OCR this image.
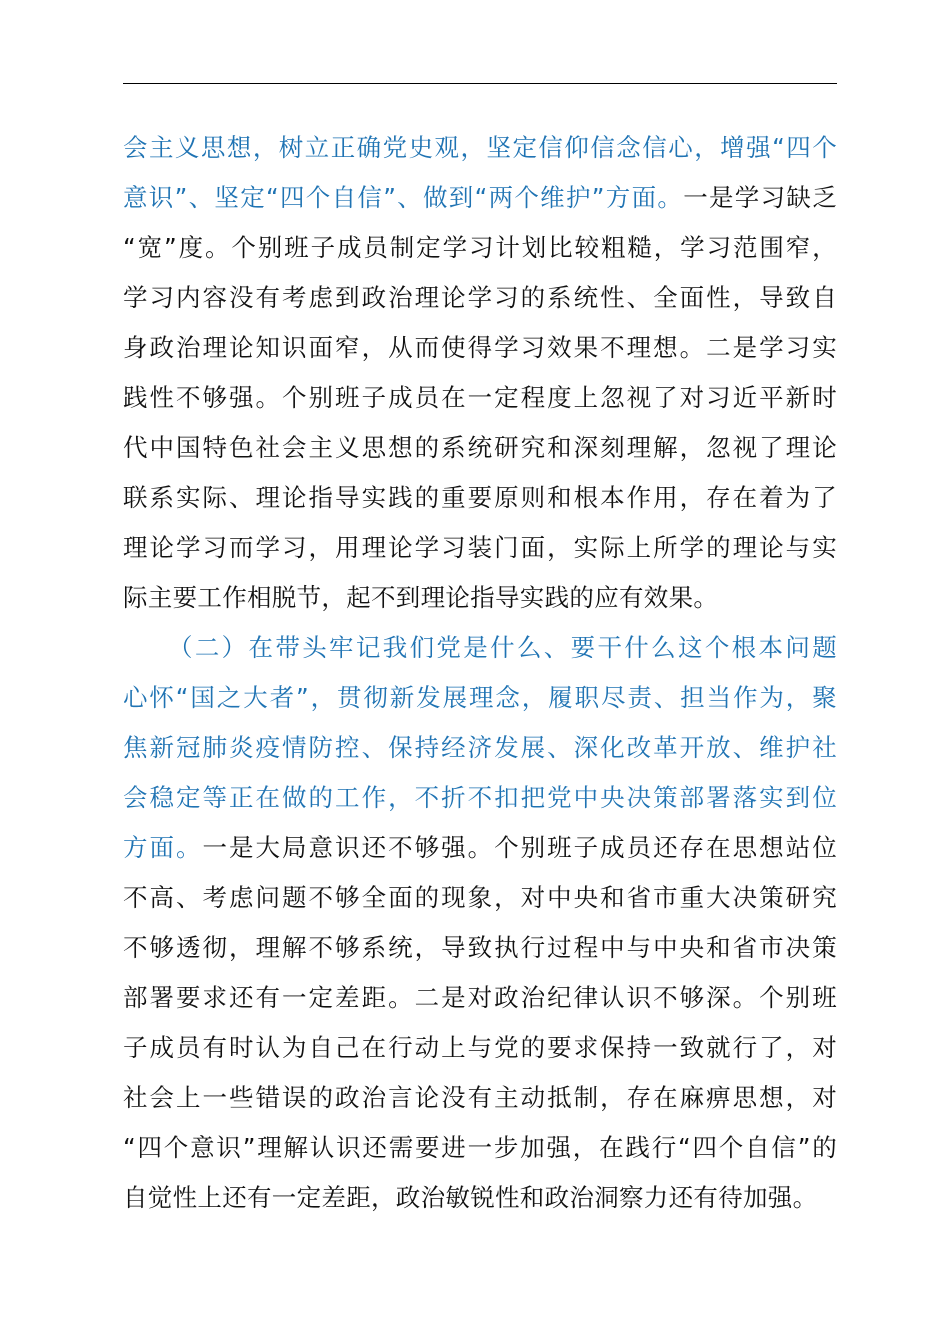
会主义思想，树立正确党史观，坚定信仰信念信心，增强“四个
意识”、坚定“四个自信”、做到“两个维护”方面。一是学习缺乏
“宽”度。个别班子成员制定学习计划比较粗糙，学习范围窄，
学习内容没有考虑到政治理论学习的系统性、全面性，导致自
身政治理论知识面窄，从而使得学习效果不理想。二是学习实
践性不够强。个别班子成员在一定程度上忽视了对习近平新时
代中国特色社会主义思想的系统研究和深刻理解，忽视了理论
联系实际、理论指导实践的重要原则和根本作用，存在着为了
理论学习而学习，用理论学习装门面，实际上所学的理论与实
际主要工作相脱节，起不到理论指导实践的应有效果。
（二）在带头牢记我们党是什么、要干什么这个根本问题
心怀“国之大者”，贯彻新发展理念，履职尽责、担当作为，聚
焦新冠肺炎疫情防控、保持经济发展、深化改革开放、维护社
会稳定等正在做的工作，不折不扣把党中央决策部署落实到位
方面。一是大局意识还不够强。个别班子成员还存在思想站位
不高、考虑问题不够全面的现象，对中央和省市重大决策研究
不够透彻，理解不够系统，导致执行过程中与中央和省市决策
部署要求还有一定差距。二是对政治纪律认识不够深。个别班
子成员有时认为自己在行动上与党的要求保持一致就行了，对
社会上一些错误的政治言论没有主动抵制，存在麻痹思想，对
“四个意识”理解认识还需要进一步加强，在践行“四个自信”的
自觉性上还有一定差距，政治敏锐性和政治洞察力还有待加强。
